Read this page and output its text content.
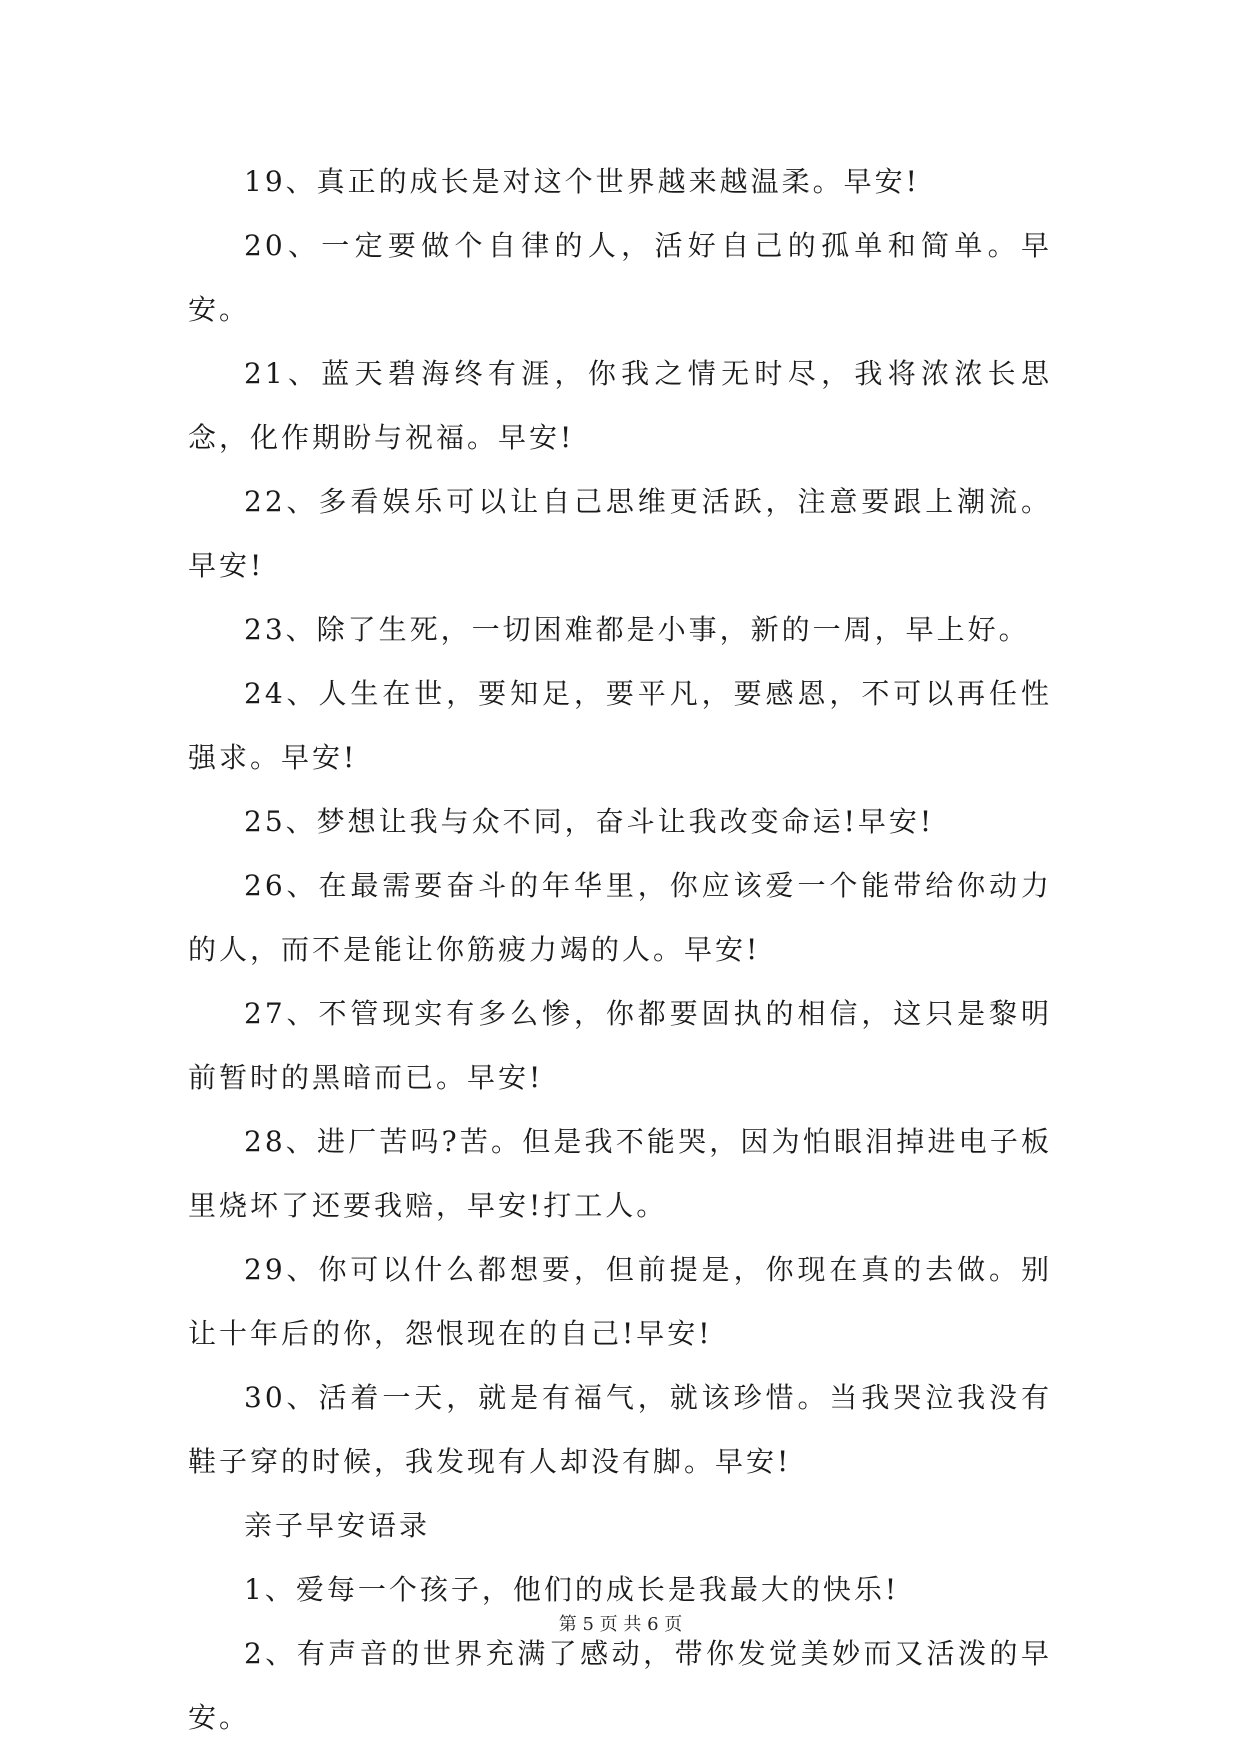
19、真正的成长是对这个世界越来越温柔。早安!

20、一定要做个自律的人，活好自己的孤单和简单。早安。

21、蓝天碧海终有涯，你我之情无时尽，我将浓浓长思念，化作期盼与祝福。早安!

22、多看娱乐可以让自己思维更活跃，注意要跟上潮流。早安!

23、除了生死，一切困难都是小事，新的一周，早上好。

24、人生在世，要知足，要平凡，要感恩，不可以再任性强求。早安!

25、梦想让我与众不同，奋斗让我改变命运!早安!

26、在最需要奋斗的年华里，你应该爱一个能带给你动力的人，而不是能让你筋疲力竭的人。早安!

27、不管现实有多么惨，你都要固执的相信，这只是黎明前暂时的黑暗而已。早安!

28、进厂苦吗?苦。但是我不能哭，因为怕眼泪掉进电子板里烧坏了还要我赔，早安!打工人。

29、你可以什么都想要，但前提是，你现在真的去做。别让十年后的你，怨恨现在的自己!早安!

30、活着一天，就是有福气，就该珍惜。当我哭泣我没有鞋子穿的时候，我发现有人却没有脚。早安!

亲子早安语录

1、爱每一个孩子，他们的成长是我最大的快乐!

2、有声音的世界充满了感动，带你发觉美妙而又活泼的早安。

第 5 页 共 6 页
